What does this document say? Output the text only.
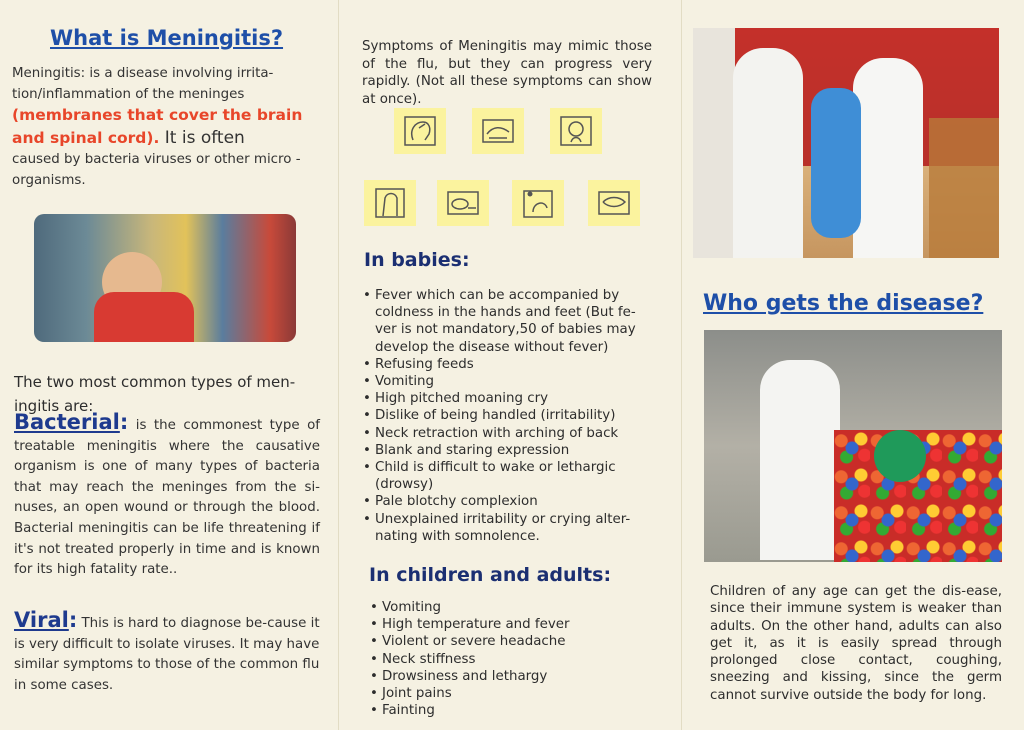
What is Meningitis?

Meningitis: is a disease involving irrita-tion/inflammation of the meninges
(membranes that cover the brain and spinal cord). It is often
caused by bacteria viruses or other micro -organisms.

The two most common types of men-ingitis are:

Bacterial: is the commonest type of treatable meningitis where the causative organism is one of many types of bacteria that may reach the meninges from the si-nuses, an open wound or through the blood. Bacterial meningitis can be life threatening if it's not treated properly in time and is known for its high fatality rate..

Viral: This is hard to diagnose be-cause it is very difficult to isolate viruses. It may have similar symptoms to those of the common flu in some cases.

Symptoms of Meningitis may mimic those of the flu, but they can progress very rapidly. (Not all these symptoms can show at once).

In babies:
• Fever which can be accompanied by coldness in the hands and feet (But fe-ver is not mandatory,50 of babies may develop the disease without fever)
• Refusing feeds
• Vomiting
• High pitched moaning cry
• Dislike of being handled (irritability)
• Neck retraction with arching of back
• Blank and staring expression
• Child is difficult to wake or lethargic (drowsy)
• Pale blotchy complexion
• Unexplained irritability or crying alter-nating with somnolence.
In children and adults:
• Vomiting
• High temperature and fever
• Violent or severe headache
• Neck stiffness
• Drowsiness and lethargy
• Joint pains
• Fainting
Who gets the disease?

Children of any age can get the dis-ease, since their immune system is weaker than adults. On the other hand, adults can also get it, as it is easily spread through prolonged close contact, coughing, sneezing and kissing, since the germ cannot survive outside the body for long.
